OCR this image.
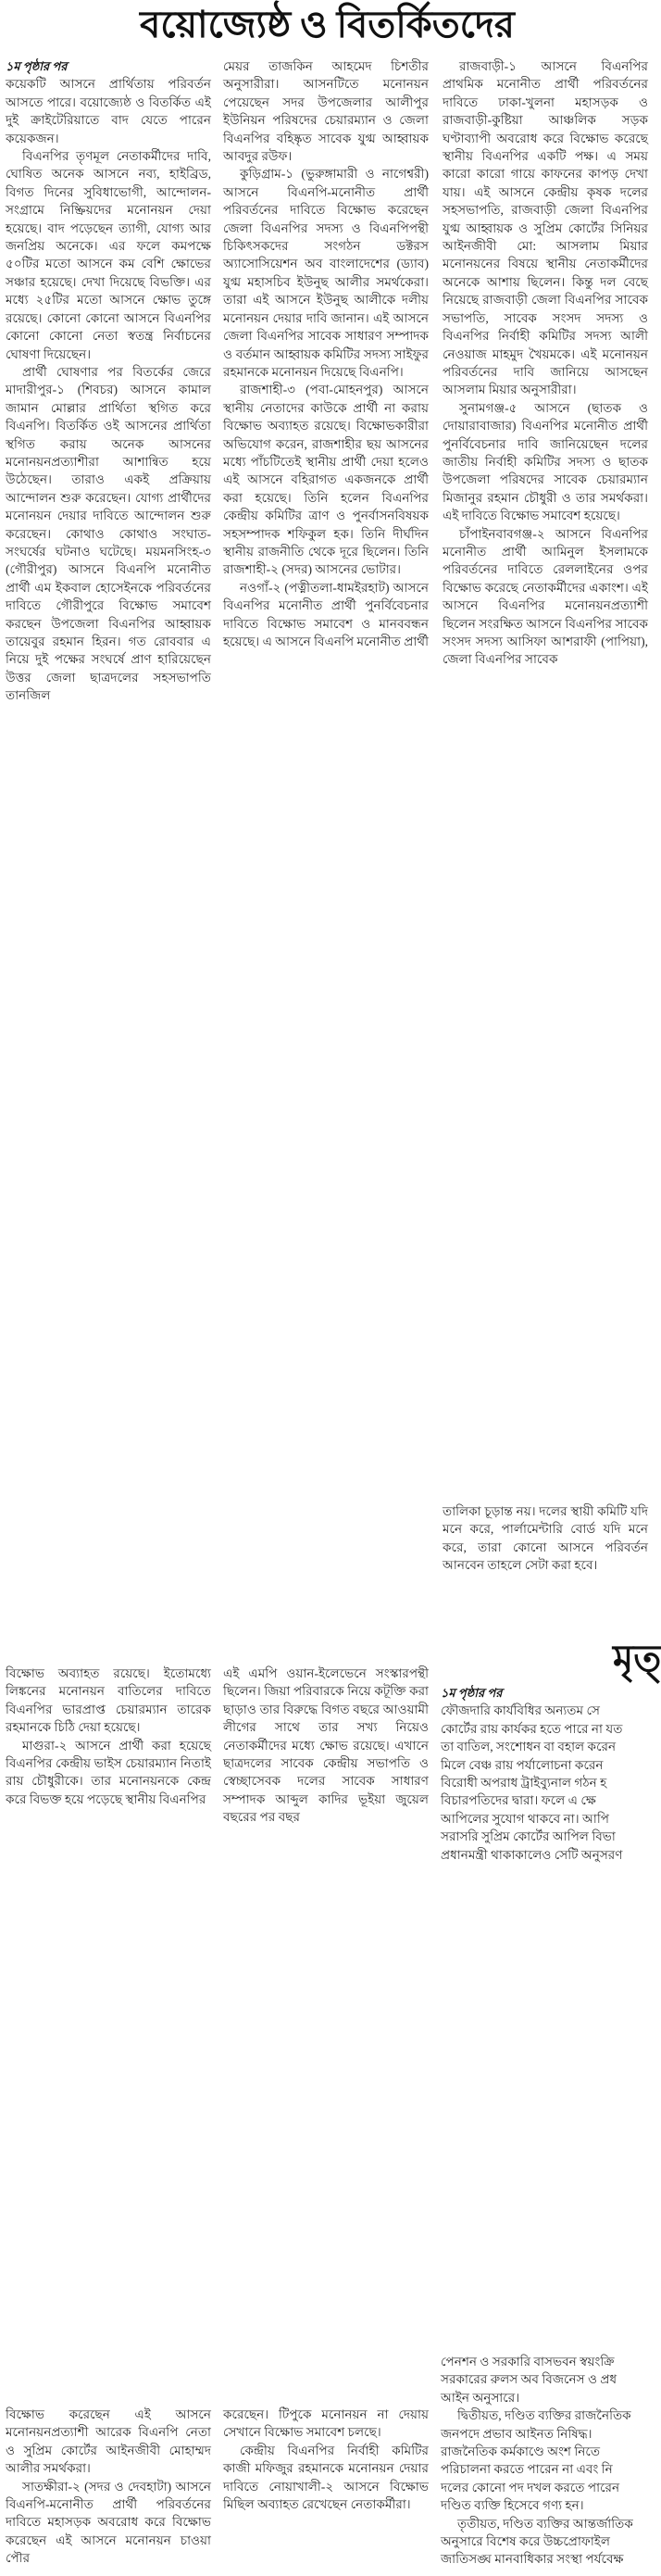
বয়োজ্যেষ্ঠ ও বিতর্কিতদের
১ম পৃষ্ঠার পর

কয়েকটি আসনে প্রার্থিতায় পরিবর্তন আসতে পারে। বয়োজ্যেষ্ঠ ও বিতর্কিত এই দুই ক্রাইটেরিয়াতে বাদ যেতে পারেন কয়েকজন।

বিএনপির তৃণমূল নেতাকর্মীদের দাবি, ঘোষিত অনেক আসনে নব্য, হাইব্রিড, বিগত দিনের সুবিধাভোগী, আন্দোলন-সংগ্রামে নিষ্ক্রিয়দের মনোনয়ন দেয়া হয়েছে। বাদ পড়েছেন ত্যাগী, যোগ্য আর জনপ্রিয় অনেকে। এর ফলে কমপক্ষে ৫০টির মতো আসনে কম বেশি ক্ষোভের সঞ্চার হয়েছে। দেখা দিয়েছে বিভক্তি। এর মধ্যে ২৫টির মতো আসনে ক্ষোভ তুঙ্গে রয়েছে। কোনো কোনো আসনে বিএনপির কোনো কোনো নেতা স্বতন্ত্র নির্বাচনের ঘোষণা দিয়েছেন।

প্রার্থী ঘোষণার পর বিতর্কের জেরে মাদারীপুর-১ (শিবচর) আসনে কামাল জামান মোল্লার প্রার্থিতা স্থগিত করে বিএনপি। বিতর্কিত ওই আসনের প্রার্থিতা স্থগিত করায় অনেক আসনের মনোনয়নপ্রত্যাশীরা আশান্বিত হয়ে উঠেছেন। তারাও একই প্রক্রিয়ায় আন্দোলন শুরু করেছেন। যোগ্য প্রার্থীদের মনোনয়ন দেয়ার দাবিতে আন্দোলন শুরু করেছেন। কোথাও কোথাও সংঘাত-সংঘর্ষের ঘটনাও ঘটেছে। ময়মনসিংহ-৩ (গৌরীপুর) আসনে বিএনপি মনোনীত প্রার্থী এম ইকবাল হোসেইনকে পরিবর্তনের দাবিতে গৌরীপুরে বিক্ষোভ সমাবেশ করছেন উপজেলা বিএনপির আহ্বায়ক তায়েবুর রহমান হিরন। গত রোববার এ নিয়ে দুই পক্ষের সংঘর্ষে প্রাণ হারিয়েছেন উত্তর জেলা ছাত্রদলের সহসভাপতি তানজিল

বিক্ষোভ অব্যাহত রয়েছে। ইতোমধ্যে লিঙ্কনের মনোনয়ন বাতিলের দাবিতে বিএনপির ভারপ্রাপ্ত চেয়ারম্যান তারেক রহমানকে চিঠি দেয়া হয়েছে।

মাগুরা-২ আসনে প্রার্থী করা হয়েছে বিএনপির কেন্দ্রীয় ভাইস চেয়ারম্যান নিতাই রায় চৌধুরীকে। তার মনোনয়নকে কেন্দ্র করে বিভক্ত হয়ে পড়েছে স্থানীয় বিএনপির

বিক্ষোভ করেছেন এই আসনে মনোনয়নপ্রত্যাশী আরেক বিএনপি নেতা ও সুপ্রিম কোর্টের আইনজীবী মোহাম্মদ আলীর সমর্থকরা।

সাতক্ষীরা-২ (সদর ও দেবহাটা) আসনে বিএনপি-মনোনীত প্রার্থী পরিবর্তনের দাবিতে মহাসড়ক অবরোধ করে বিক্ষোভ করেছেন এই আসনে মনোনয়ন চাওয়া পৌর

মেয়র তাজকিন আহমেদ চিশতীর অনুসারীরা। আসনটিতে মনোনয়ন পেয়েছেন সদর উপজেলার আলীপুর ইউনিয়ন পরিষদের চেয়ারম্যান ও জেলা বিএনপির বহিষ্কৃত সাবেক যুগ্ম আহ্বায়ক আবদুর রউফ।

কুড়িগ্রাম-১ (ভুরুঙ্গামারী ও নাগেশ্বরী) আসনে বিএনপি-মনোনীত প্রার্থী পরিবর্তনের দাবিতে বিক্ষোভ করেছেন জেলা বিএনপির সদস্য ও বিএনপিপন্থী চিকিৎসকদের সংগঠন ডক্টরস অ্যাসোসিয়েশন অব বাংলাদেশের (ড্যাব) যুগ্ম মহাসচিব ইউনুছ আলীর সমর্থকেরা। তারা এই আসনে ইউনুছ আলীকে দলীয় মনোনয়ন দেয়ার দাবি জানান। এই আসনে জেলা বিএনপির সাবেক সাধারণ সম্পাদক ও বর্তমান আহ্বায়ক কমিটির সদস্য সাইফুর রহমানকে মনোনয়ন দিয়েছে বিএনপি।

রাজশাহী-৩ (পবা-মোহনপুর) আসনে স্থানীয় নেতাদের কাউকে প্রার্থী না করায় বিক্ষোভ অব্যাহত রয়েছে। বিক্ষোভকারীরা অভিযোগ করেন, রাজশাহীর ছয় আসনের মধ্যে পাঁচটিতেই স্থানীয় প্রার্থী দেয়া হলেও এই আসনে বহিরাগত একজনকে প্রার্থী করা হয়েছে। তিনি হলেন বিএনপির কেন্দ্রীয় কমিটির ত্রাণ ও পুনর্বাসনবিষয়ক সহসম্পাদক শফিকুল হক। তিনি দীর্ঘদিন স্থানীয় রাজনীতি থেকে দূরে ছিলেন। তিনি রাজশাহী-২ (সদর) আসনের ভোটার।

নওগাঁ-২ (পত্নীতলা-ধামইরহাট) আসনে বিএনপির মনোনীত প্রার্থী পুনর্বিবেচনার দাবিতে বিক্ষোভ সমাবেশ ও মানববন্ধন হয়েছে। এ আসনে বিএনপি মনোনীত প্রার্থী

এই এমপি ওয়ান-ইলেভেনে সংস্কারপন্থী ছিলেন। জিয়া পরিবারকে নিয়ে কটূক্তি করা ছাড়াও তার বিরুদ্ধে বিগত বছরে আওয়ামী লীগের সাথে তার সখ্য নিয়েও নেতাকর্মীদের মধ্যে ক্ষোভ রয়েছে। এখানে ছাত্রদলের সাবেক কেন্দ্রীয় সভাপতি ও স্বেচ্ছাসেবক দলের সাবেক সাধারণ সম্পাদক আব্দুল কাদির ভূইয়া জুয়েল বছরের পর বছর

করেছেন। টিপুকে মনোনয়ন না দেয়ায় সেখানে বিক্ষোভ সমাবেশ চলছে।

কেন্দ্রীয় বিএনপির নির্বাহী কমিটির কাজী মফিজুর রহমানকে মনোনয়ন দেয়ার দাবিতে নোয়াখালী-২ আসনে বিক্ষোভ মিছিল অব্যাহত রেখেছেন নেতাকর্মীরা।

রাজবাড়ী-১ আসনে বিএনপির প্রাথমিক মনোনীত প্রার্থী পরিবর্তনের দাবিতে ঢাকা-খুলনা মহাসড়ক ও রাজবাড়ী-কুষ্টিয়া আঞ্চলিক সড়ক ঘণ্টাব্যাপী অবরোধ করে বিক্ষোভ করেছে স্থানীয় বিএনপির একটি পক্ষ। এ সময় কারো কারো গায়ে কাফনের কাপড় দেখা যায়। এই আসনে কেন্দ্রীয় কৃষক দলের সহসভাপতি, রাজবাড়ী জেলা বিএনপির যুগ্ম আহ্বায়ক ও সুপ্রিম কোর্টের সিনিয়র আইনজীবী মো: আসলাম মিয়ার মনোনয়নের বিষয়ে স্থানীয় নেতাকর্মীদের অনেকে আশায় ছিলেন। কিন্তু দল বেছে নিয়েছে রাজবাড়ী জেলা বিএনপির সাবেক সভাপতি, সাবেক সংসদ সদস্য ও বিএনপির নির্বাহী কমিটির সদস্য আলী নেওয়াজ মাহমুদ খৈয়মকে। এই মনোনয়ন পরিবর্তনের দাবি জানিয়ে আসছেন আসলাম মিয়ার অনুসারীরা।

সুনামগঞ্জ-৫ আসনে (ছাতক ও দোয়ারাবাজার) বিএনপির মনোনীত প্রার্থী পুনর্বিবেচনার দাবি জানিয়েছেন দলের জাতীয় নির্বাহী কমিটির সদস্য ও ছাতক উপজেলা পরিষদের সাবেক চেয়ারম্যান মিজানুর রহমান চৌধুরী ও তার সমর্থকরা। এই দাবিতে বিক্ষোভ সমাবেশ হয়েছে।

চাঁপাইনবাবগঞ্জ-২ আসনে বিএনপির মনোনীত প্রার্থী আমিনুল ইসলামকে পরিবর্তনের দাবিতে রেললাইনের ওপর বিক্ষোভ করেছে নেতাকর্মীদের একাংশ। এই আসনে বিএনপির মনোনয়নপ্রত্যাশী ছিলেন সংরক্ষিত আসনে বিএনপির সাবেক সংসদ সদস্য আসিফা আশরাফী (পাপিয়া), জেলা বিএনপির সাবেক

তালিকা চূড়ান্ত নয়। দলের স্থায়ী কমিটি যদি মনে করে, পার্লামেন্টারি বোর্ড যদি মনে করে, তারা কোনো আসনে পরিবর্তন আনবেন তাহলে সেটা করা হবে।

মৃত্
১ম পৃষ্ঠার পর
ফৌজদারি কার্যবিধির অন্যতম সে
কোর্টের রায় কার্যকর হতে পারে না যত
তা বাতিল, সংশোধন বা বহাল করেন
মিলে বেঞ্চ রায় পর্যালোচনা করেন
বিরোধী অপরাধ ট্রাইব্যুনাল গঠন হ
বিচারপতিদের দ্বারা। ফলে এ ক্ষে
আপিলের সুযোগ থাকবে না। আপি
সরাসরি সুপ্রিম কোর্টের আপিল বিভা
প্রধানমন্ত্রী থাকাকালেও সেটি অনুসরণ
পেনশন ও সরকারি বাসভবন স্বয়ংক্রি
সরকারের রুলস অব বিজনেস ও প্রধ
আইন অনুসারে।
দ্বিতীয়ত, দণ্ডিত ব্যক্তির রাজনৈতিক
জনপদে প্রভাব আইনত নিষিদ্ধ।
রাজনৈতিক কর্মকাণ্ডে অংশ নিতে
পরিচালনা করতে পারেন না এবং নি
দলের কোনো পদ দখল করতে পারেন
দণ্ডিত ব্যক্তি হিসেবে গণ্য হন।
তৃতীয়ত, দণ্ডিত ব্যক্তির আন্তর্জাতিক
অনুসারে বিশেষ করে উচ্চপ্রোফাইল
জাতিসঙ্ঘ মানবাধিকার সংস্থা পর্যবেক্ষ
